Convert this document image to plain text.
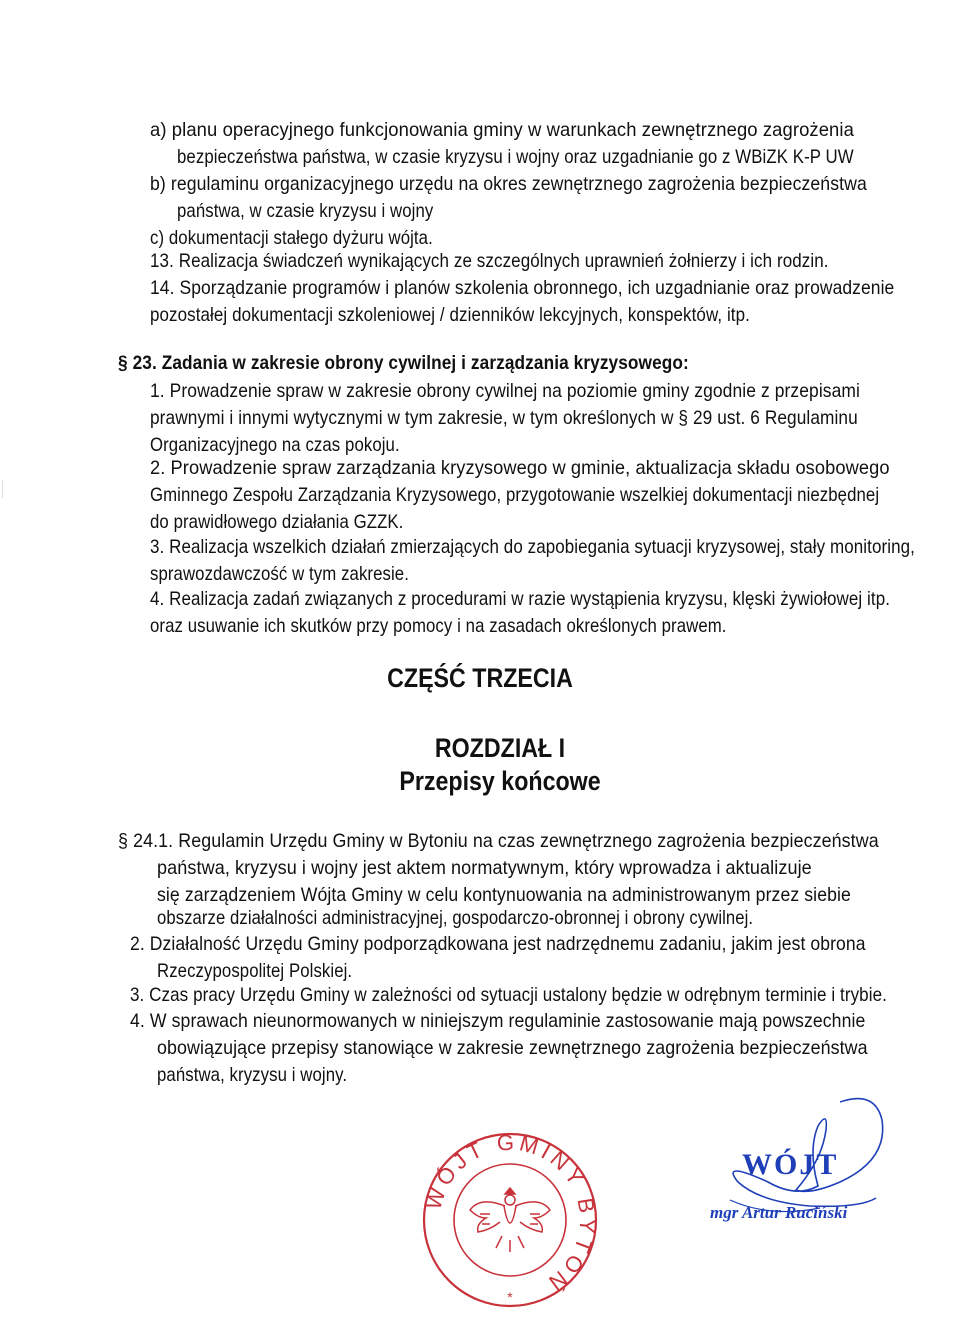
a) planu operacyjnego funkcjonowania gminy w warunkach zewnętrznego zagrożenia
bezpieczeństwa państwa, w czasie kryzysu i wojny oraz uzgadnianie go z WBiZK K-P UW
b) regulaminu organizacyjnego urzędu na okres zewnętrznego zagrożenia bezpieczeństwa
państwa, w czasie kryzysu i wojny
c) dokumentacji stałego dyżuru wójta.
13. Realizacja świadczeń wynikających ze szczególnych uprawnień żołnierzy i ich rodzin.
14. Sporządzanie programów i planów szkolenia obronnego, ich uzgadnianie oraz prowadzenie
pozostałej dokumentacji szkoleniowej / dzienników lekcyjnych, konspektów, itp.
§ 23. Zadania w zakresie obrony cywilnej i zarządzania kryzysowego:
1. Prowadzenie spraw w zakresie obrony cywilnej na poziomie gminy zgodnie z przepisami
prawnymi i innymi wytycznymi w tym zakresie, w tym określonych w § 29 ust. 6 Regulaminu
Organizacyjnego na czas pokoju.
2. Prowadzenie spraw zarządzania kryzysowego w gminie, aktualizacja składu osobowego
Gminnego Zespołu Zarządzania Kryzysowego, przygotowanie wszelkiej dokumentacji niezbędnej
do prawidłowego działania GZZK.
3. Realizacja wszelkich działań zmierzających do zapobiegania sytuacji kryzysowej, stały monitoring,
sprawozdawczość w tym zakresie.
4. Realizacja zadań związanych z procedurami w razie wystąpienia kryzysu, klęski żywiołowej itp.
oraz usuwanie ich skutków przy pomocy i na zasadach określonych prawem.
CZĘŚĆ TRZECIA
ROZDZIAŁ I
Przepisy końcowe
§ 24.1. Regulamin Urzędu Gminy w Bytoniu na czas zewnętrznego zagrożenia bezpieczeństwa
państwa, kryzysu i wojny jest aktem normatywnym, który wprowadza i aktualizuje
się zarządzeniem Wójta Gminy w celu kontynuowania na administrowanym przez siebie
obszarze działalności administracyjnej, gospodarczo-obronnej i obrony cywilnej.
2. Działalność Urzędu Gminy podporządkowana jest nadrzędnemu zadaniu, jakim jest obrona
Rzeczypospolitej Polskiej.
3. Czas pracy Urzędu Gminy w zależności od sytuacji ustalony będzie w odrębnym terminie i trybie.
4. W sprawach nieunormowanych w niniejszym regulaminie zastosowanie mają powszechnie
obowiązujące przepisy stanowiące w zakresie zewnętrznego zagrożenia bezpieczeństwa
państwa, kryzysu i wojny.
WÓJT GMINY BYTOŃ
*
WÓJT
mgr Artur Ruciński
